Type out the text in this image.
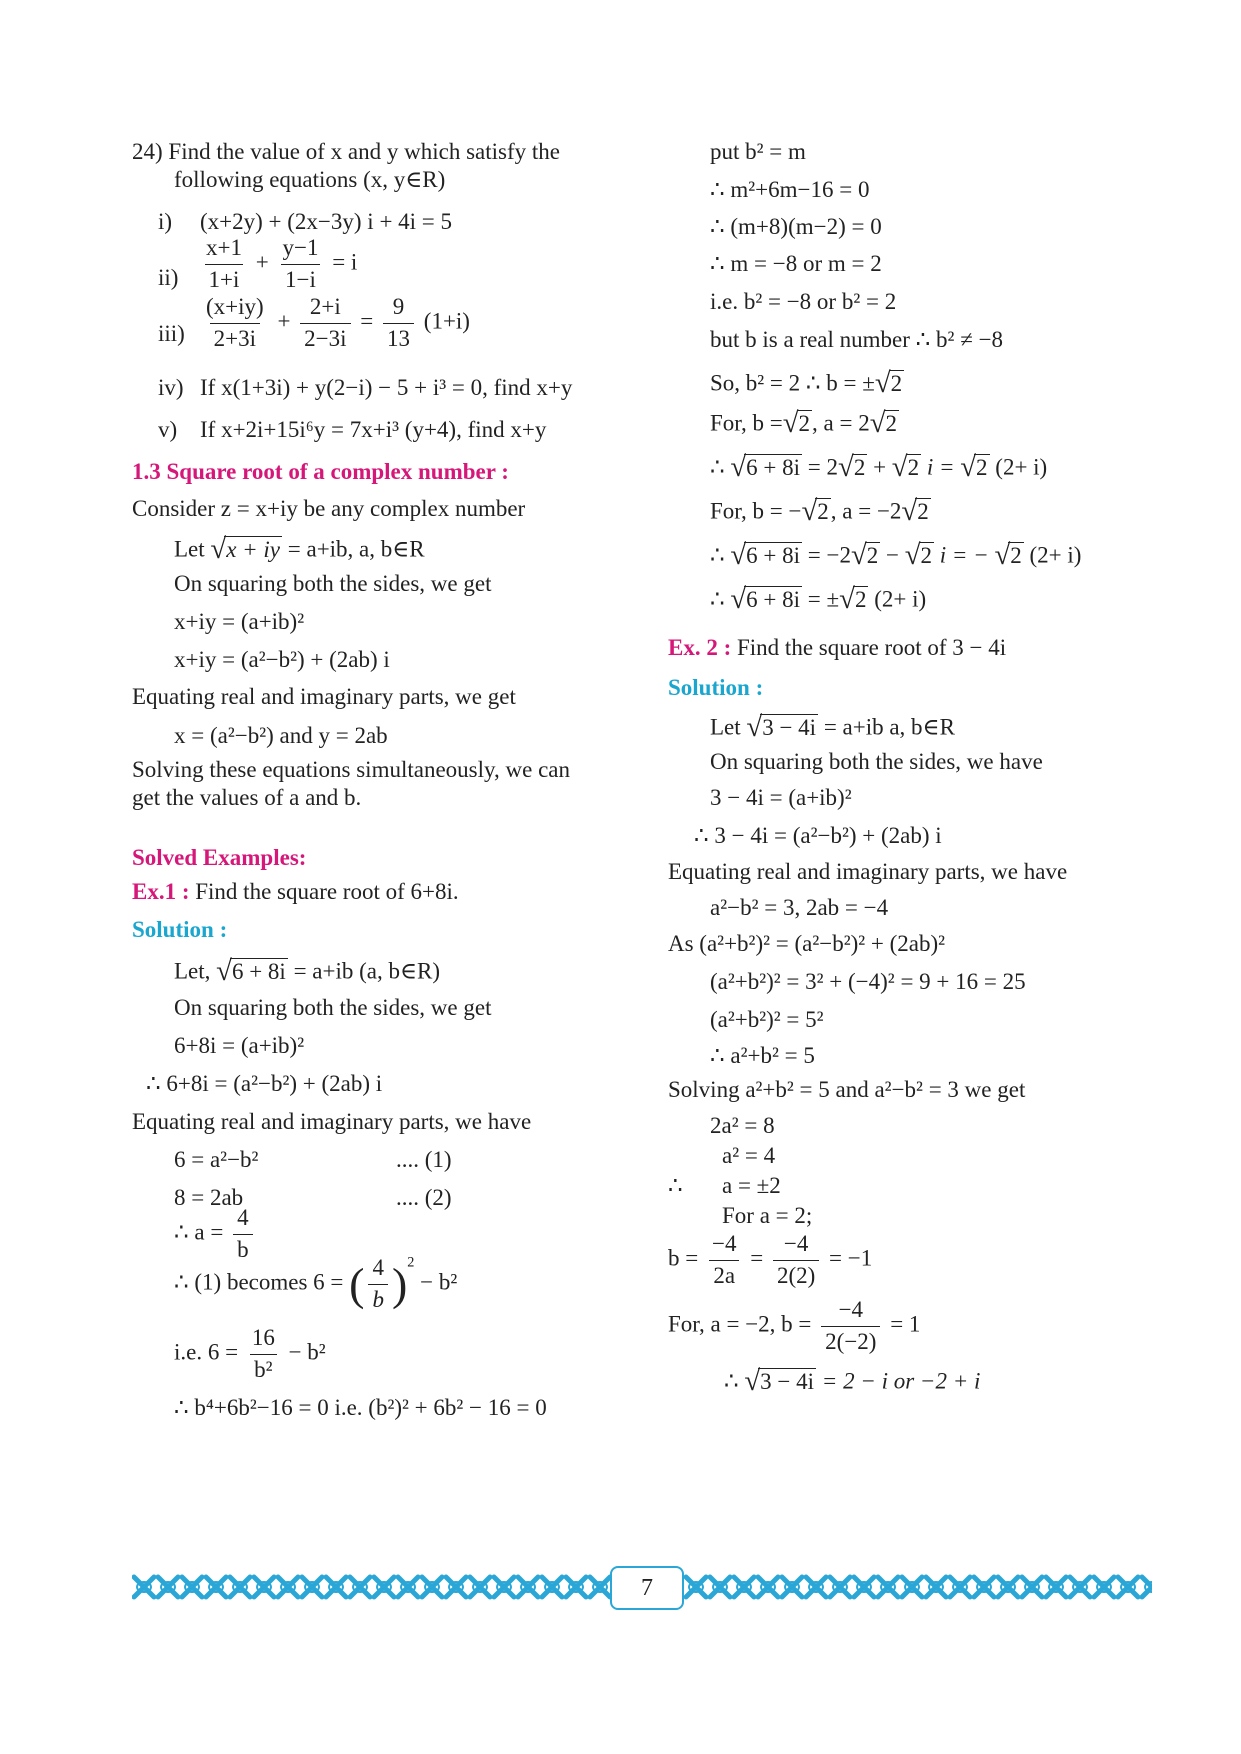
24) Find the value of x and y which satisfy the
following equations (x, y∈R)
i) (x+2y) + (2x−3y) i + 4i = 5
$ii) \frac{x+1}{1+i} + \frac{y-1}{1-i} = i$
$iii) \frac{(x+iy)}{2+3i} + \frac{2+i}{2-3i} = \frac{9}{13} (1+i)$
iv) If x(1+3i) + y(2−i) − 5 + i³ = 0, find x+y
v) If x+2i+15i⁶y = 7x+i³ (y+4), find x+y
1.3 Square root of a complex number :
Consider z = x+iy be any complex number
Let √x + iy = a+ib, a, b∈R
On squaring both the sides, we get
x+iy = (a+ib)²
x+iy = (a²−b²) + (2ab) i
Equating real and imaginary parts, we get
x = (a²−b²) and y = 2ab
Solving these equations simultaneously, we can
get the values of a and b.
Solved Examples:
Ex.1 : Find the square root of 6+8i.
Solution :
Let, √6 + 8i = a+ib (a, b∈R)
On squaring both the sides, we get
6+8i = (a+ib)²
∴ 6+8i = (a²−b²) + (2ab) i
Equating real and imaginary parts, we have
6 = a²−b²	.... (1)
8 = 2ab	.... (2)
∴ $a = \frac{4}{b}$
∴ (1) becomes 6 = ( $\frac{4}{b} )^2 - b^2$
i.e. $6 = \frac{16}{\text{b²}} - b^2$
∴ b⁴+6b²−16 = 0 i.e. (b²)² + 6b² − 16 = 0
put b² = m
∴ m²+6m−16 = 0
∴ (m+8)(m−2) = 0
∴ m = −8 or m = 2
i.e. b² = −8 or b² = 2
but b is a real number ∴ b² ≠ −8
So, b² = 2 ∴ b = ±√2
For, b =√2, a = 2√2
∴ √6 + 8i = 2√2 + √2 i = √2 (2+ i)
For, b = −√2, a = −2√2
∴ √6 + 8i = −2√2 − √2 i = − √2 (2+ i)
∴ √6 + 8i = ±√2 (2+ i)
Ex. 2 : Find the square root of 3 − 4i
Solution :
Let √3 − 4i = a+ib a, b∈R
On squaring both the sides, we have
3 − 4i = (a+ib)²
∴ 3 − 4i = (a²−b²) + (2ab) i
Equating real and imaginary parts, we have
a²−b² = 3, 2ab = −4
As (a²+b²)² = (a²−b²)² + (2ab)²
(a²+b²)² = 3² + (−4)² = 9 + 16 = 25
(a²+b²)² = 5²
∴ a²+b² = 5
Solving a²+b² = 5 and a²−b² = 3 we get
2a² = 8
a² = 4
∴ a = ±2
For a = 2;
$b = \frac{-4}{2a} = \frac{-4}{2(2)} = -1$
For, a = −2, $b = \frac{-4}{2(-2)} = 1$
∴ √3 − 4i = 2 − i or −2 + i
7
